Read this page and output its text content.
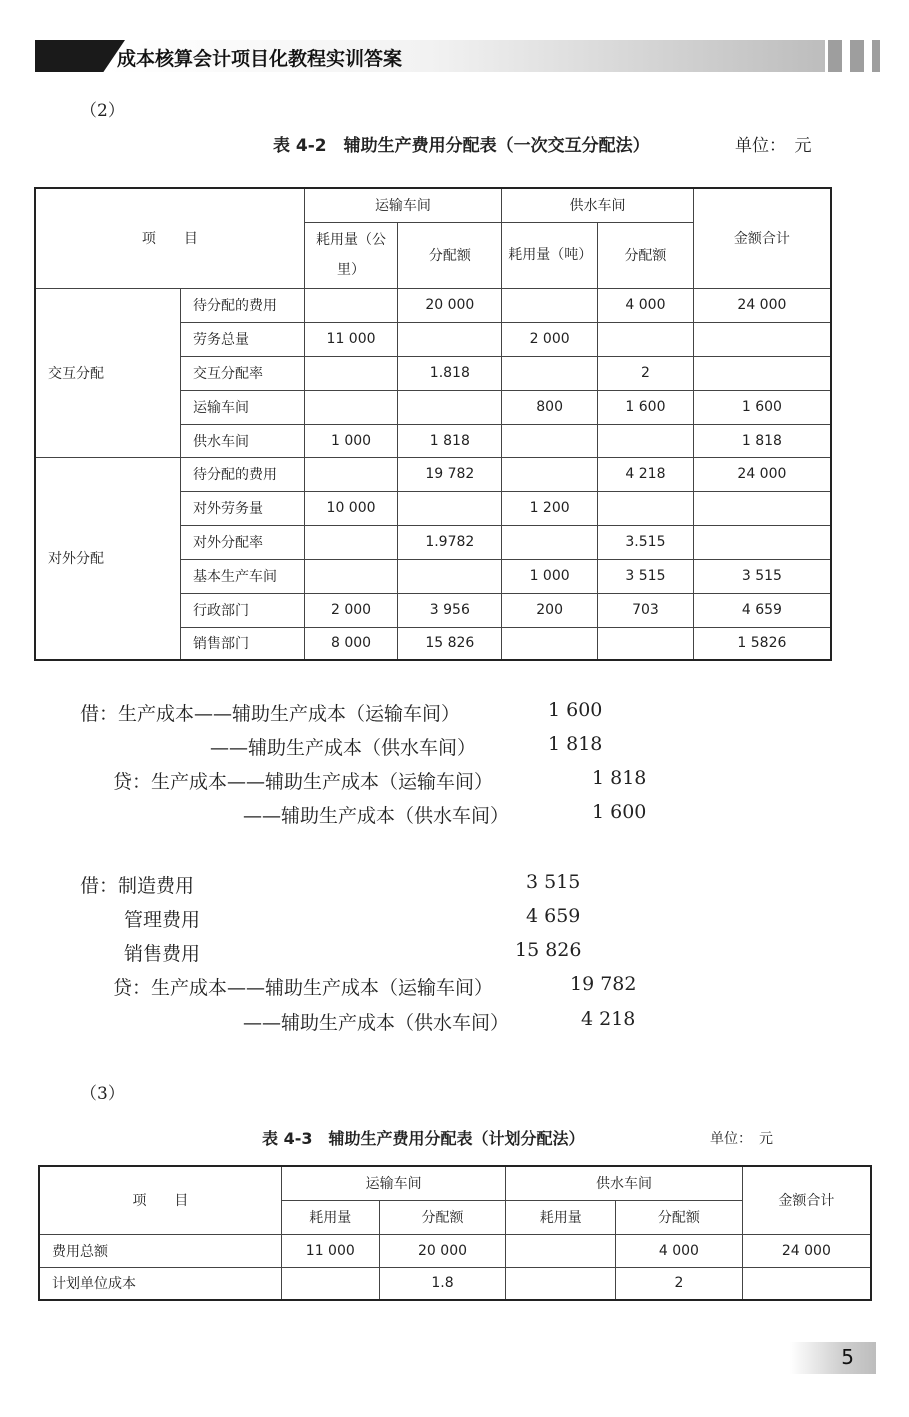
成本核算会计项目化教程实训答案
（2）
表 4-2　辅助生产费用分配表（一次交互分配法）	单位：　元
项　　目		运输车间		供水车间		金额合计
		耗用量（公里）	分配额	耗用量（吨）	分配额	
交互分配	待分配的费用		20 000		4 000	24 000
	劳务总量	11 000		2 000		
	交互分配率		1.818		2	
	运输车间			800	1 600	1 600
	供水车间	1 000	1 818			1 818
对外分配	待分配的费用		19 782		4 218	24 000
	对外劳务量	10 000		1 200		
	对外分配率		1.9782		3.515	
	基本生产车间			1 000	3 515	3 515
	行政部门	2 000	3 956	200	703	4 659
	销售部门	8 000	15 826			1 5826
借：生产成本——辅助生产成本（运输车间）	1 600
——辅助生产成本（供水车间）	1 818
贷：生产成本——辅助生产成本（运输车间）	1 818
——辅助生产成本（供水车间）	1 600
借：制造费用	3 515
管理费用	4 659
销售费用	15 826
贷：生产成本——辅助生产成本（运输车间）	19 782
——辅助生产成本（供水车间）	4 218
（3）
表 4-3　辅助生产费用分配表（计划分配法）	单位：　元
项　　目	运输车间		供水车间		金额合计
	耗用量	分配额	耗用量	分配额	
费用总额	11 000	20 000		4 000	24 000
计划单位成本		1.8		2	
5
